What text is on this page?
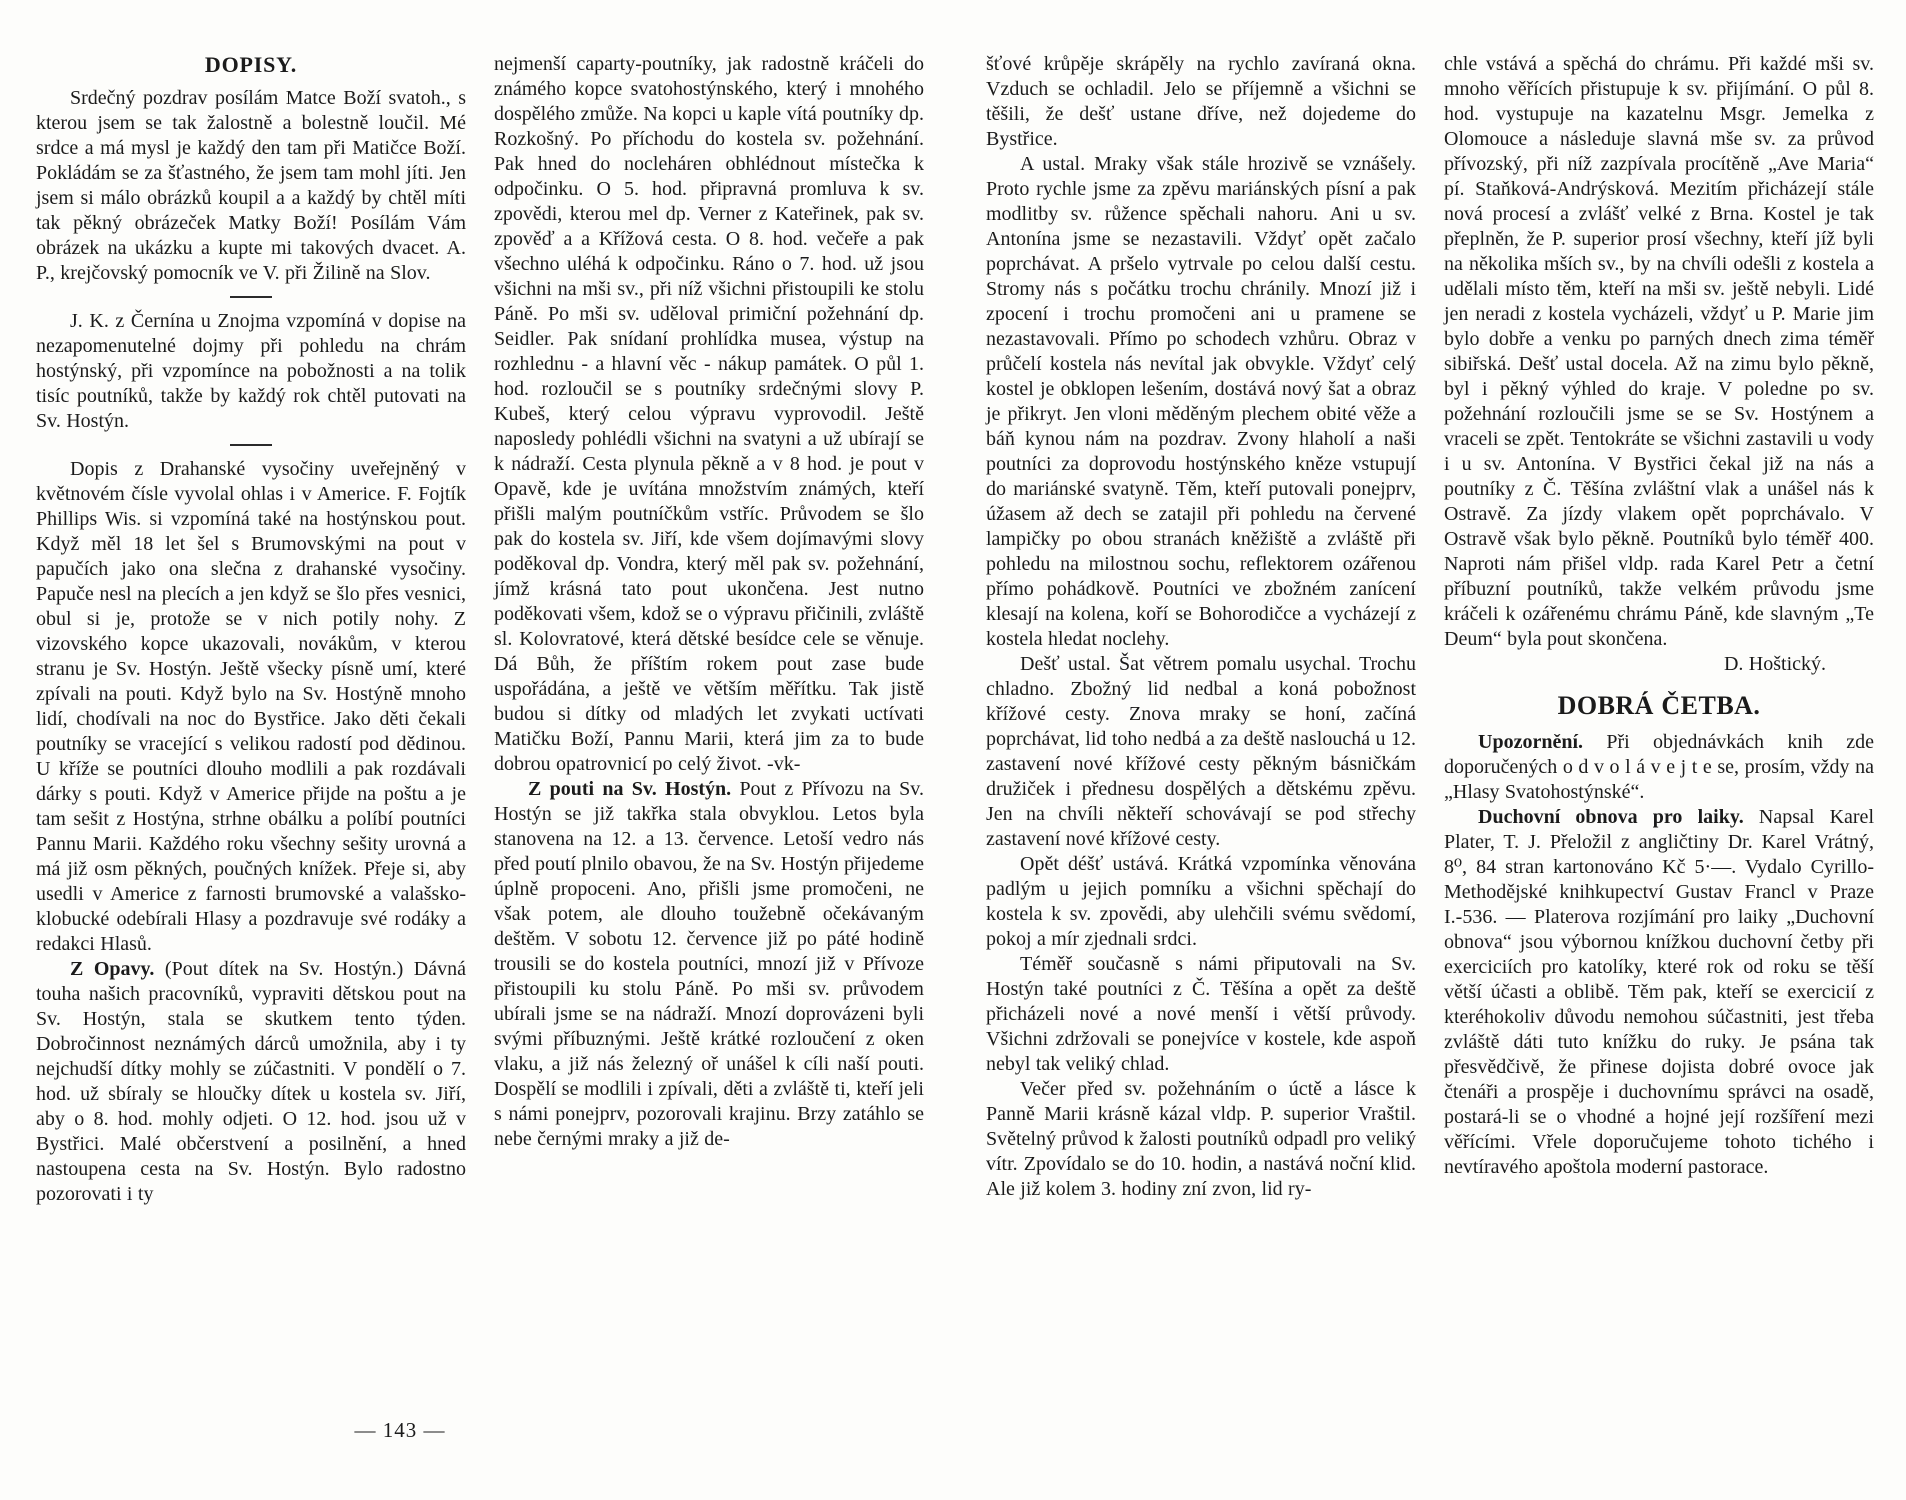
DOPISY.

Srdečný pozdrav posílám Matce Boží svatoh., s kterou jsem se tak žalostně a bolestně loučil. Mé srdce a má mysl je každý den tam při Matičce Boží. Pokládám se za šťastného, že jsem tam mohl jíti. Jen jsem si málo obrázků koupil a a každý by chtěl míti tak pěkný obrázeček Matky Boží! Posílám Vám obrázek na ukázku a kupte mi takových dvacet. A. P., krejčovský pomocník ve V. při Žilině na Slov.

J. K. z Černína u Znojma vzpomíná v dopise na nezapomenutelné dojmy při pohledu na chrám hostýnský, při vzpomínce na pobožnosti a na tolik tisíc poutníků, takže by každý rok chtěl putovati na Sv. Hostýn.

Dopis z Drahanské vysočiny uveřejněný v květnovém čísle vyvolal ohlas i v Americe. F. Fojtík Phillips Wis. si vzpomíná také na hostýnskou pout. Když měl 18 let šel s Brumovskými na pout v papučích jako ona slečna z drahanské vysočiny. Papuče nesl na plecích a jen když se šlo přes vesnici, obul si je, protože se v nich potily nohy. Z vizovského kopce ukazovali, novákům, v kterou stranu je Sv. Hostýn. Ještě všecky písně umí, které zpívali na pouti. Když bylo na Sv. Hostýně mnoho lidí, chodívali na noc do Bystřice. Jako děti čekali poutníky se vracející s velikou radostí pod dědinou. U kříže se poutníci dlouho modlili a pak rozdávali dárky s pouti. Když v Americe přijde na poštu a je tam sešit z Hostýna, strhne obálku a políbí poutníci Pannu Marii. Každého roku všechny sešity urovná a má již osm pěkných, poučných knížek. Přeje si, aby usedli v Americe z farnosti brumovské a valašsko-klobucké odebírali Hlasy a pozdravuje své rodáky a redakci Hlasů.

Z Opavy. (Pout dítek na Sv. Hostýn.) Dávná touha našich pracovníků, vypraviti dětskou pout na Sv. Hostýn, stala se skutkem tento týden. Dobročinnost neznámých dárců umožnila, aby i ty nejchudší dítky mohly se zúčastniti. V pondělí o 7. hod. už sbíraly se hloučky dítek u kostela sv. Jiří, aby o 8. hod. mohly odjeti. O 12. hod. jsou už v Bystřici. Malé občerstvení a posilnění, a hned nastoupena cesta na Sv. Hostýn. Bylo radostno pozorovati i ty

nejmenší caparty-poutníky, jak radostně kráčeli do známého kopce svatohostýnského, který i mnohého dospělého zmůže. Na kopci u kaple vítá poutníky dp. Rozkošný. Po příchodu do kostela sv. požehnání. Pak hned do nocleháren obhlédnout místečka k odpočinku. O 5. hod. připravná promluva k sv. zpovědi, kterou mel dp. Verner z Kateřinek, pak sv. zpověď a a Křížová cesta. O 8. hod. večeře a pak všechno uléhá k odpočinku. Ráno o 7. hod. už jsou všichni na mši sv., při níž všichni přistoupili ke stolu Páně. Po mši sv. uděloval primiční požehnání dp. Seidler. Pak snídaní prohlídka musea, výstup na rozhlednu - a hlavní věc - nákup památek. O půl 1. hod. rozloučil se s poutníky srdečnými slovy P. Kubeš, který celou výpravu vyprovodil. Ještě naposledy pohlédli všichni na svatyni a už ubírají se k nádraží. Cesta plynula pěkně a v 8 hod. je pout v Opavě, kde je uvítána množstvím známých, kteří přišli malým poutníčkům vstříc. Průvodem se šlo pak do kostela sv. Jiří, kde všem dojímavými slovy poděkoval dp. Vondra, který měl pak sv. požehnání, jímž krásná tato pout ukončena. Jest nutno poděkovati všem, kdož se o výpravu přičinili, zvláště sl. Kolovratové, která dětské besídce cele se věnuje. Dá Bůh, že příštím rokem pout zase bude uspořádána, a ještě ve větším měřítku. Tak jistě budou si dítky od mladých let zvykati uctívati Matičku Boží, Pannu Marii, která jim za to bude dobrou opatrovnicí po celý život. -vk-

Z pouti na Sv. Hostýn. Pout z Přívozu na Sv. Hostýn se již takřka stala obvyklou. Letos byla stanovena na 12. a 13. července. Letoší vedro nás před poutí plnilo obavou, že na Sv. Hostýn přijedeme úplně propoceni. Ano, přišli jsme promočeni, ne však potem, ale dlouho toužebně očekávaným deštěm. V sobotu 12. července již po páté hodině trousili se do kostela poutníci, mnozí již v Přívoze přistoupili ku stolu Páně. Po mši sv. průvodem ubírali jsme se na nádraží. Mnozí doprovázeni byli svými příbuznými. Ještě krátké rozloučení z oken vlaku, a již nás železný oř unášel k cíli naší pouti. Dospělí se modlili i zpívali, děti a zvláště ti, kteří jeli s námi ponejprv, pozorovali krajinu. Brzy zatáhlo se nebe černými mraky a již de-

šťové krůpěje skrápěly na rychlo zavíraná okna. Vzduch se ochladil. Jelo se příjemně a všichni se těšili, že dešť ustane dříve, než dojedeme do Bystřice.

A ustal. Mraky však stále hrozivě se vznášely. Proto rychle jsme za zpěvu mariánských písní a pak modlitby sv. růžence spěchali nahoru. Ani u sv. Antonína jsme se nezastavili. Vždyť opět začalo poprchávat. A pršelo vytrvale po celou další cestu. Stromy nás s počátku trochu chránily. Mnozí již i zpocení i trochu promočeni ani u pramene se nezastavovali. Přímo po schodech vzhůru. Obraz v průčelí kostela nás nevítal jak obvykle. Vždyť celý kostel je obklopen lešením, dostává nový šat a obraz je přikryt. Jen vloni měděným plechem obité věže a báň kynou nám na pozdrav. Zvony hlaholí a naši poutníci za doprovodu hostýnského kněze vstupují do mariánské svatyně. Těm, kteří putovali ponejprv, úžasem až dech se zatajil při pohledu na červené lampičky po obou stranách kněžiště a zvláště při pohledu na milostnou sochu, reflektorem ozářenou přímo pohádkově. Poutníci ve zbožném zanícení klesají na kolena, koří se Bohorodičce a vycházejí z kostela hledat noclehy.

Dešť ustal. Šat větrem pomalu usychal. Trochu chladno. Zbožný lid nedbal a koná pobožnost křížové cesty. Znova mraky se honí, začíná poprchávat, lid toho nedbá a za deště naslouchá u 12. zastavení nové křížové cesty pěkným básničkám družiček i přednesu dospělých a dětskému zpěvu. Jen na chvíli někteří schovávají se pod střechy zastavení nové křížové cesty.

Opět déšť ustává. Krátká vzpomínka věnována padlým u jejich pomníku a všichni spěchají do kostela k sv. zpovědi, aby ulehčili svému svědomí, pokoj a mír zjednali srdci.

Téměř současně s námi připutovali na Sv. Hostýn také poutníci z Č. Těšína a opět za deště přicházeli nové a nové menší i větší průvody. Všichni zdržovali se ponejvíce v kostele, kde aspoň nebyl tak veliký chlad.

Večer před sv. požehnáním o úctě a lásce k Panně Marii krásně kázal vldp. P. superior Vraštil. Světelný průvod k žalosti poutníků odpadl pro veliký vítr. Zpovídalo se do 10. hodin, a nastává noční klid. Ale již kolem 3. hodiny zní zvon, lid ry-

chle vstává a spěchá do chrámu. Při každé mši sv. mnoho věřících přistupuje k sv. přijímání. O půl 8. hod. vystupuje na kazatelnu Msgr. Jemelka z Olomouce a následuje slavná mše sv. za průvod přívozský, při níž zazpívala procítěně „Ave Maria“ pí. Staňková-Andrýsková. Mezitím přicházejí stále nová procesí a zvlášť velké z Brna. Kostel je tak přeplněn, že P. superior prosí všechny, kteří jíž byli na několika mších sv., by na chvíli odešli z kostela a udělali místo těm, kteří na mši sv. ještě nebyli. Lidé jen neradi z kostela vycházeli, vždyť u P. Marie jim bylo dobře a venku po parných dnech zima téměř sibiřská. Dešť ustal docela. Až na zimu bylo pěkně, byl i pěkný výhled do kraje. V poledne po sv. požehnání rozloučili jsme se se Sv. Hostýnem a vraceli se zpět. Tentokráte se všichni zastavili u vody i u sv. Antonína. V Bystřici čekal již na nás a poutníky z Č. Těšína zvláštní vlak a unášel nás k Ostravě. Za jízdy vlakem opět poprchávalo. V Ostravě však bylo pěkně. Poutníků bylo téměř 400. Naproti nám přišel vldp. rada Karel Petr a četní příbuzní poutníků, takže velkém průvodu jsme kráčeli k ozářenému chrámu Páně, kde slavným „Te Deum“ byla pout skončena.

D. Hoštický.

DOBRÁ ČETBA.

Upozornění. Při objednávkách knih zde doporučených o d v o l á v e j t e se, prosím, vždy na „Hlasy Svatohostýnské“.

Duchovní obnova pro laiky. Napsal Karel Plater, T. J. Přeložil z angličtiny Dr. Karel Vrátný, 8⁰, 84 stran kartonováno Kč 5·—. Vydalo Cyrillo-Methodějské knihkupectví Gustav Francl v Praze I.-536. — Platerova rozjímání pro laiky „Duchovní obnova“ jsou výbornou knížkou duchovní četby při exerciciích pro katolíky, které rok od roku se těší větší účasti a oblibě. Těm pak, kteří se exercicií z kteréhokoliv důvodu nemohou súčastniti, jest třeba zvláště dáti tuto knížku do ruky. Je psána tak přesvědčivě, že přinese dojista dobré ovoce jak čtenáři a prospěje i duchovnímu správci na osadě, postará-li se o vhodné a hojné její rozšíření mezi věřícími. Vřele doporučujeme tohoto tichého i nevtíravého apoštola moderní pastorace.

— 143 —
